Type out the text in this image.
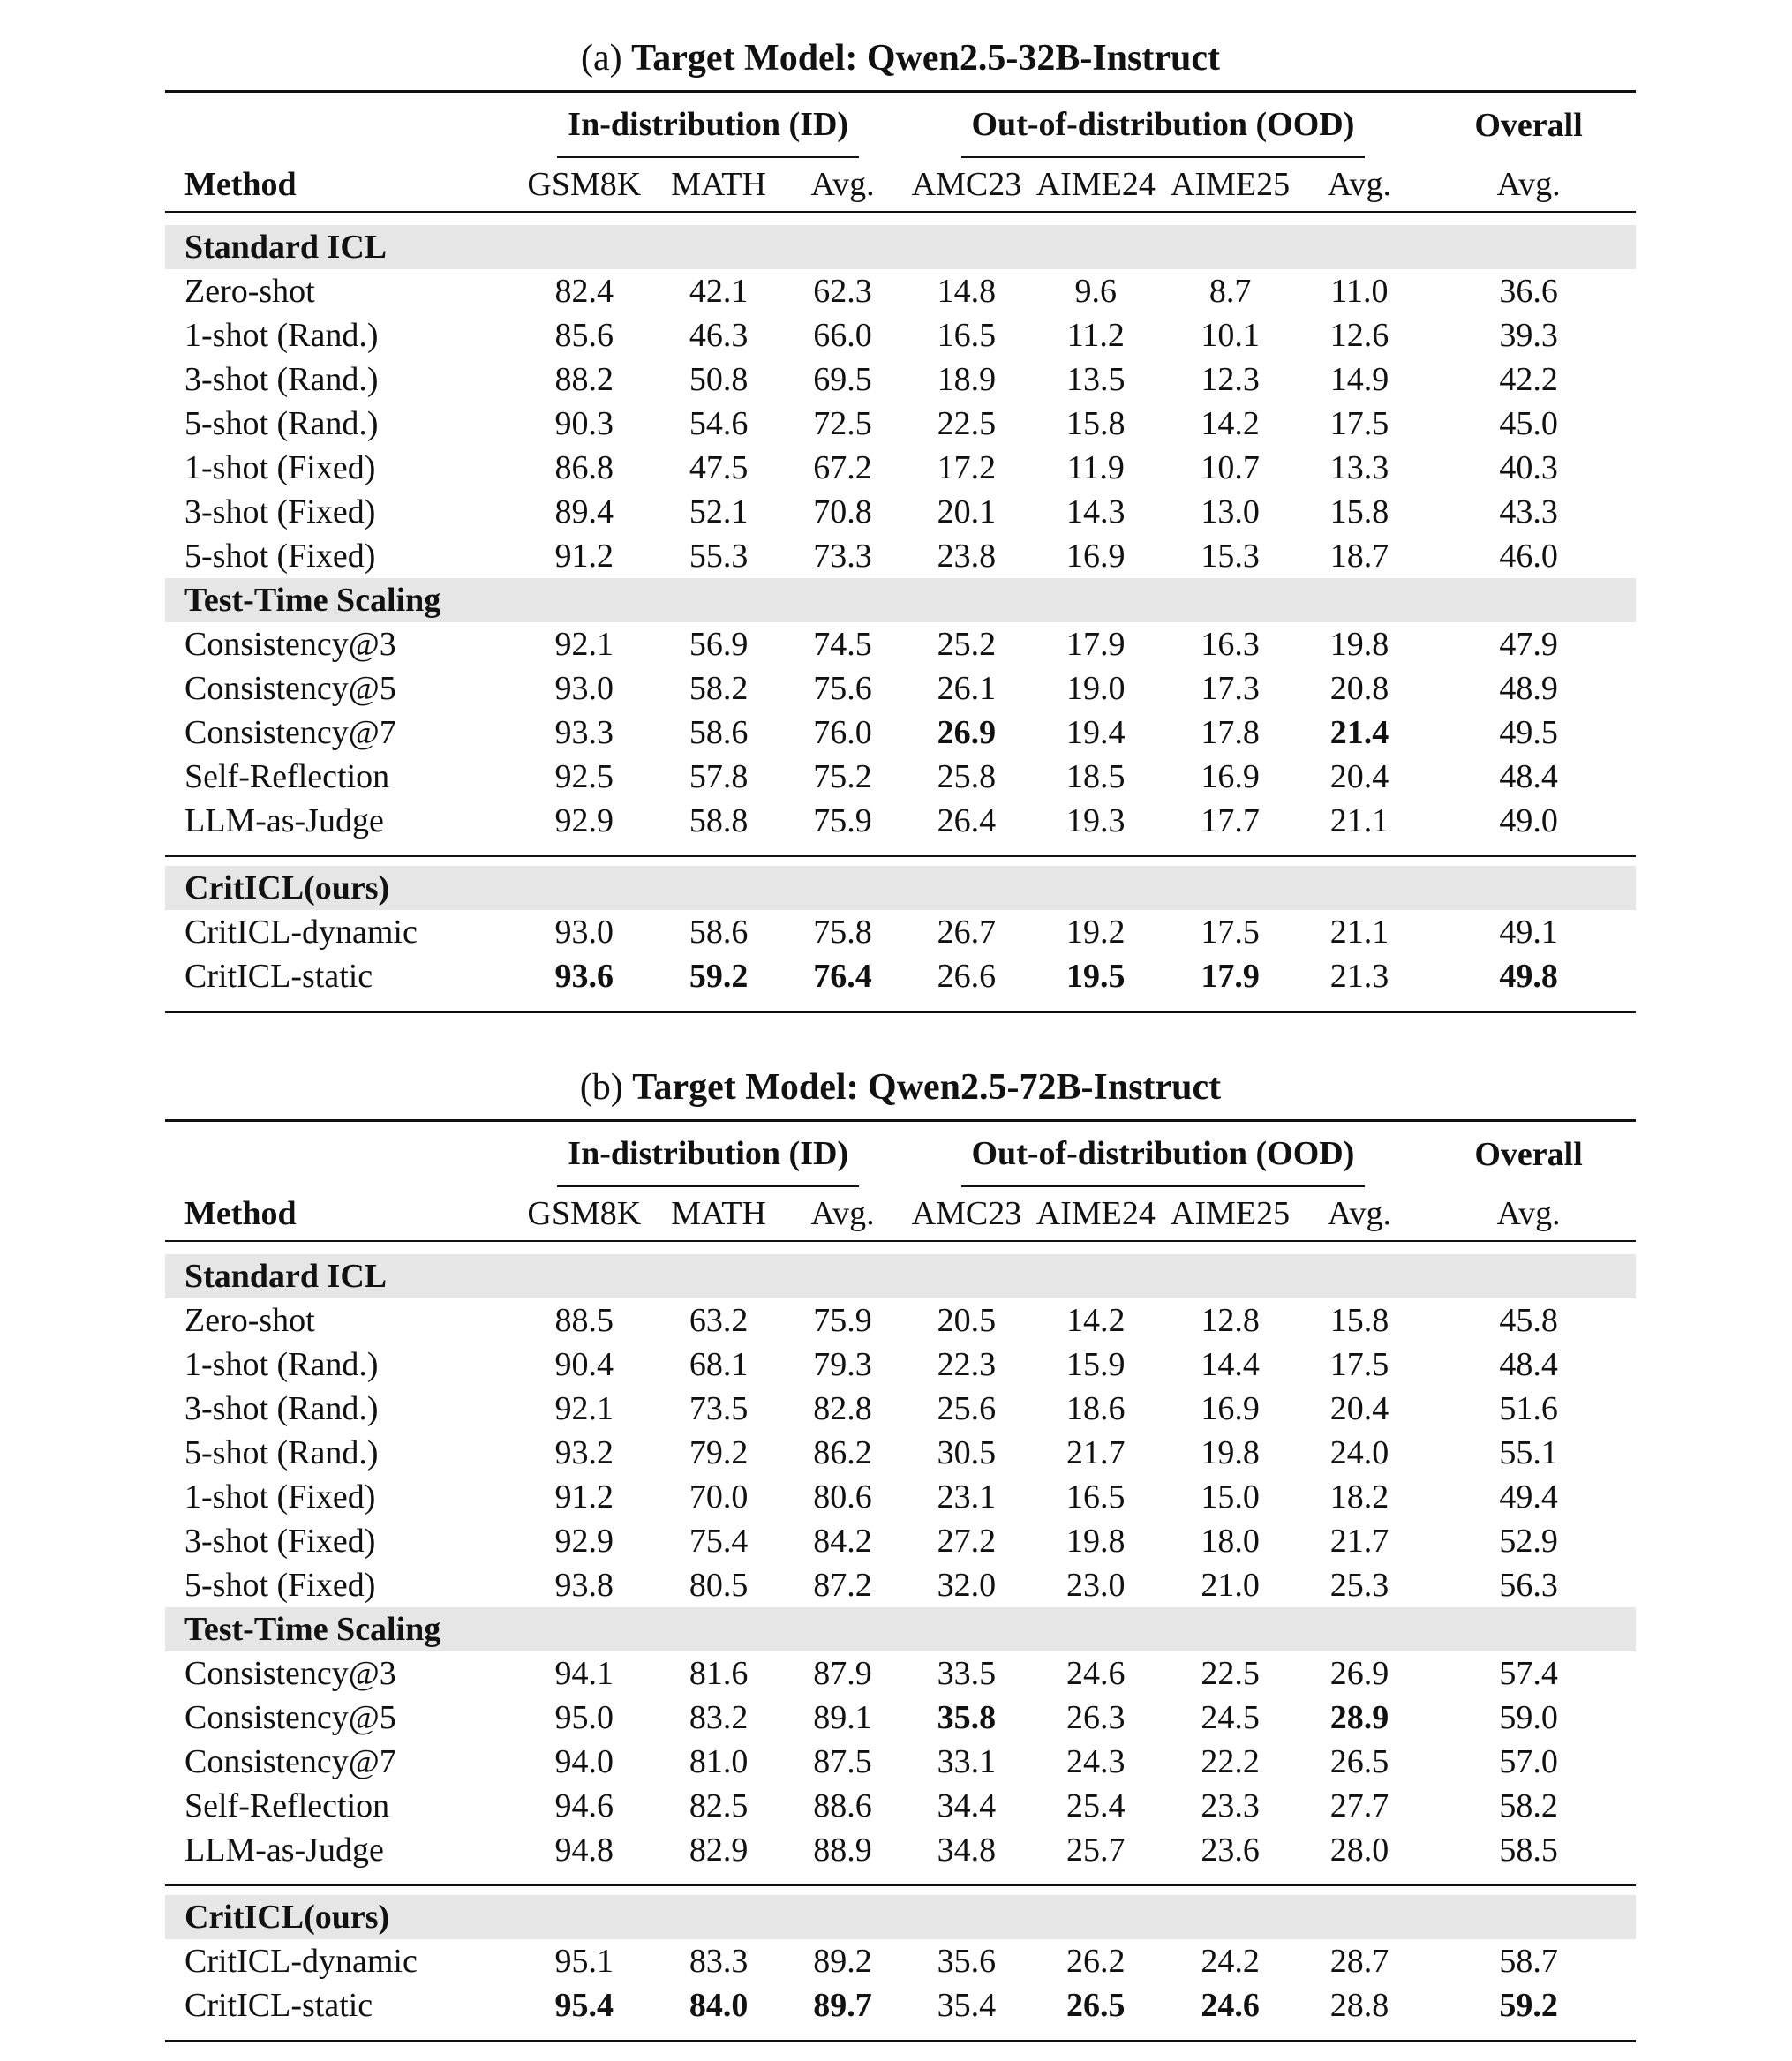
(a) Target Model: Qwen2.5-32B-Instruct

	In-distribution (ID)			Out-of-distribution (OOD)				Overall
Method	GSM8K	MATH	Avg.	AMC23	AIME24	AIME25	Avg.	Avg.

Standard ICL								
Zero-shot	82.4	42.1	62.3	14.8	9.6	8.7	11.0	36.6
1-shot (Rand.)	85.6	46.3	66.0	16.5	11.2	10.1	12.6	39.3
3-shot (Rand.)	88.2	50.8	69.5	18.9	13.5	12.3	14.9	42.2
5-shot (Rand.)	90.3	54.6	72.5	22.5	15.8	14.2	17.5	45.0
1-shot (Fixed)	86.8	47.5	67.2	17.2	11.9	10.7	13.3	40.3
3-shot (Fixed)	89.4	52.1	70.8	20.1	14.3	13.0	15.8	43.3
5-shot (Fixed)	91.2	55.3	73.3	23.8	16.9	15.3	18.7	46.0
Test-Time Scaling								
Consistency@3	92.1	56.9	74.5	25.2	17.9	16.3	19.8	47.9
Consistency@5	93.0	58.2	75.6	26.1	19.0	17.3	20.8	48.9
Consistency@7	93.3	58.6	76.0	26.9	19.4	17.8	21.4	49.5
Self-Reflection	92.5	57.8	75.2	25.8	18.5	16.9	20.4	48.4
LLM-as-Judge	92.9	58.8	75.9	26.4	19.3	17.7	21.1	49.0

CritICL(ours)								
CritICL-dynamic	93.0	58.6	75.8	26.7	19.2	17.5	21.1	49.1
CritICL-static	93.6	59.2	76.4	26.6	19.5	17.9	21.3	49.8

(b) Target Model: Qwen2.5-72B-Instruct

	In-distribution (ID)			Out-of-distribution (OOD)				Overall
Method	GSM8K	MATH	Avg.	AMC23	AIME24	AIME25	Avg.	Avg.

Standard ICL								
Zero-shot	88.5	63.2	75.9	20.5	14.2	12.8	15.8	45.8
1-shot (Rand.)	90.4	68.1	79.3	22.3	15.9	14.4	17.5	48.4
3-shot (Rand.)	92.1	73.5	82.8	25.6	18.6	16.9	20.4	51.6
5-shot (Rand.)	93.2	79.2	86.2	30.5	21.7	19.8	24.0	55.1
1-shot (Fixed)	91.2	70.0	80.6	23.1	16.5	15.0	18.2	49.4
3-shot (Fixed)	92.9	75.4	84.2	27.2	19.8	18.0	21.7	52.9
5-shot (Fixed)	93.8	80.5	87.2	32.0	23.0	21.0	25.3	56.3
Test-Time Scaling								
Consistency@3	94.1	81.6	87.9	33.5	24.6	22.5	26.9	57.4
Consistency@5	95.0	83.2	89.1	35.8	26.3	24.5	28.9	59.0
Consistency@7	94.0	81.0	87.5	33.1	24.3	22.2	26.5	57.0
Self-Reflection	94.6	82.5	88.6	34.4	25.4	23.3	27.7	58.2
LLM-as-Judge	94.8	82.9	88.9	34.8	25.7	23.6	28.0	58.5

CritICL(ours)								
CritICL-dynamic	95.1	83.3	89.2	35.6	26.2	24.2	28.7	58.7
CritICL-static	95.4	84.0	89.7	35.4	26.5	24.6	28.8	59.2
